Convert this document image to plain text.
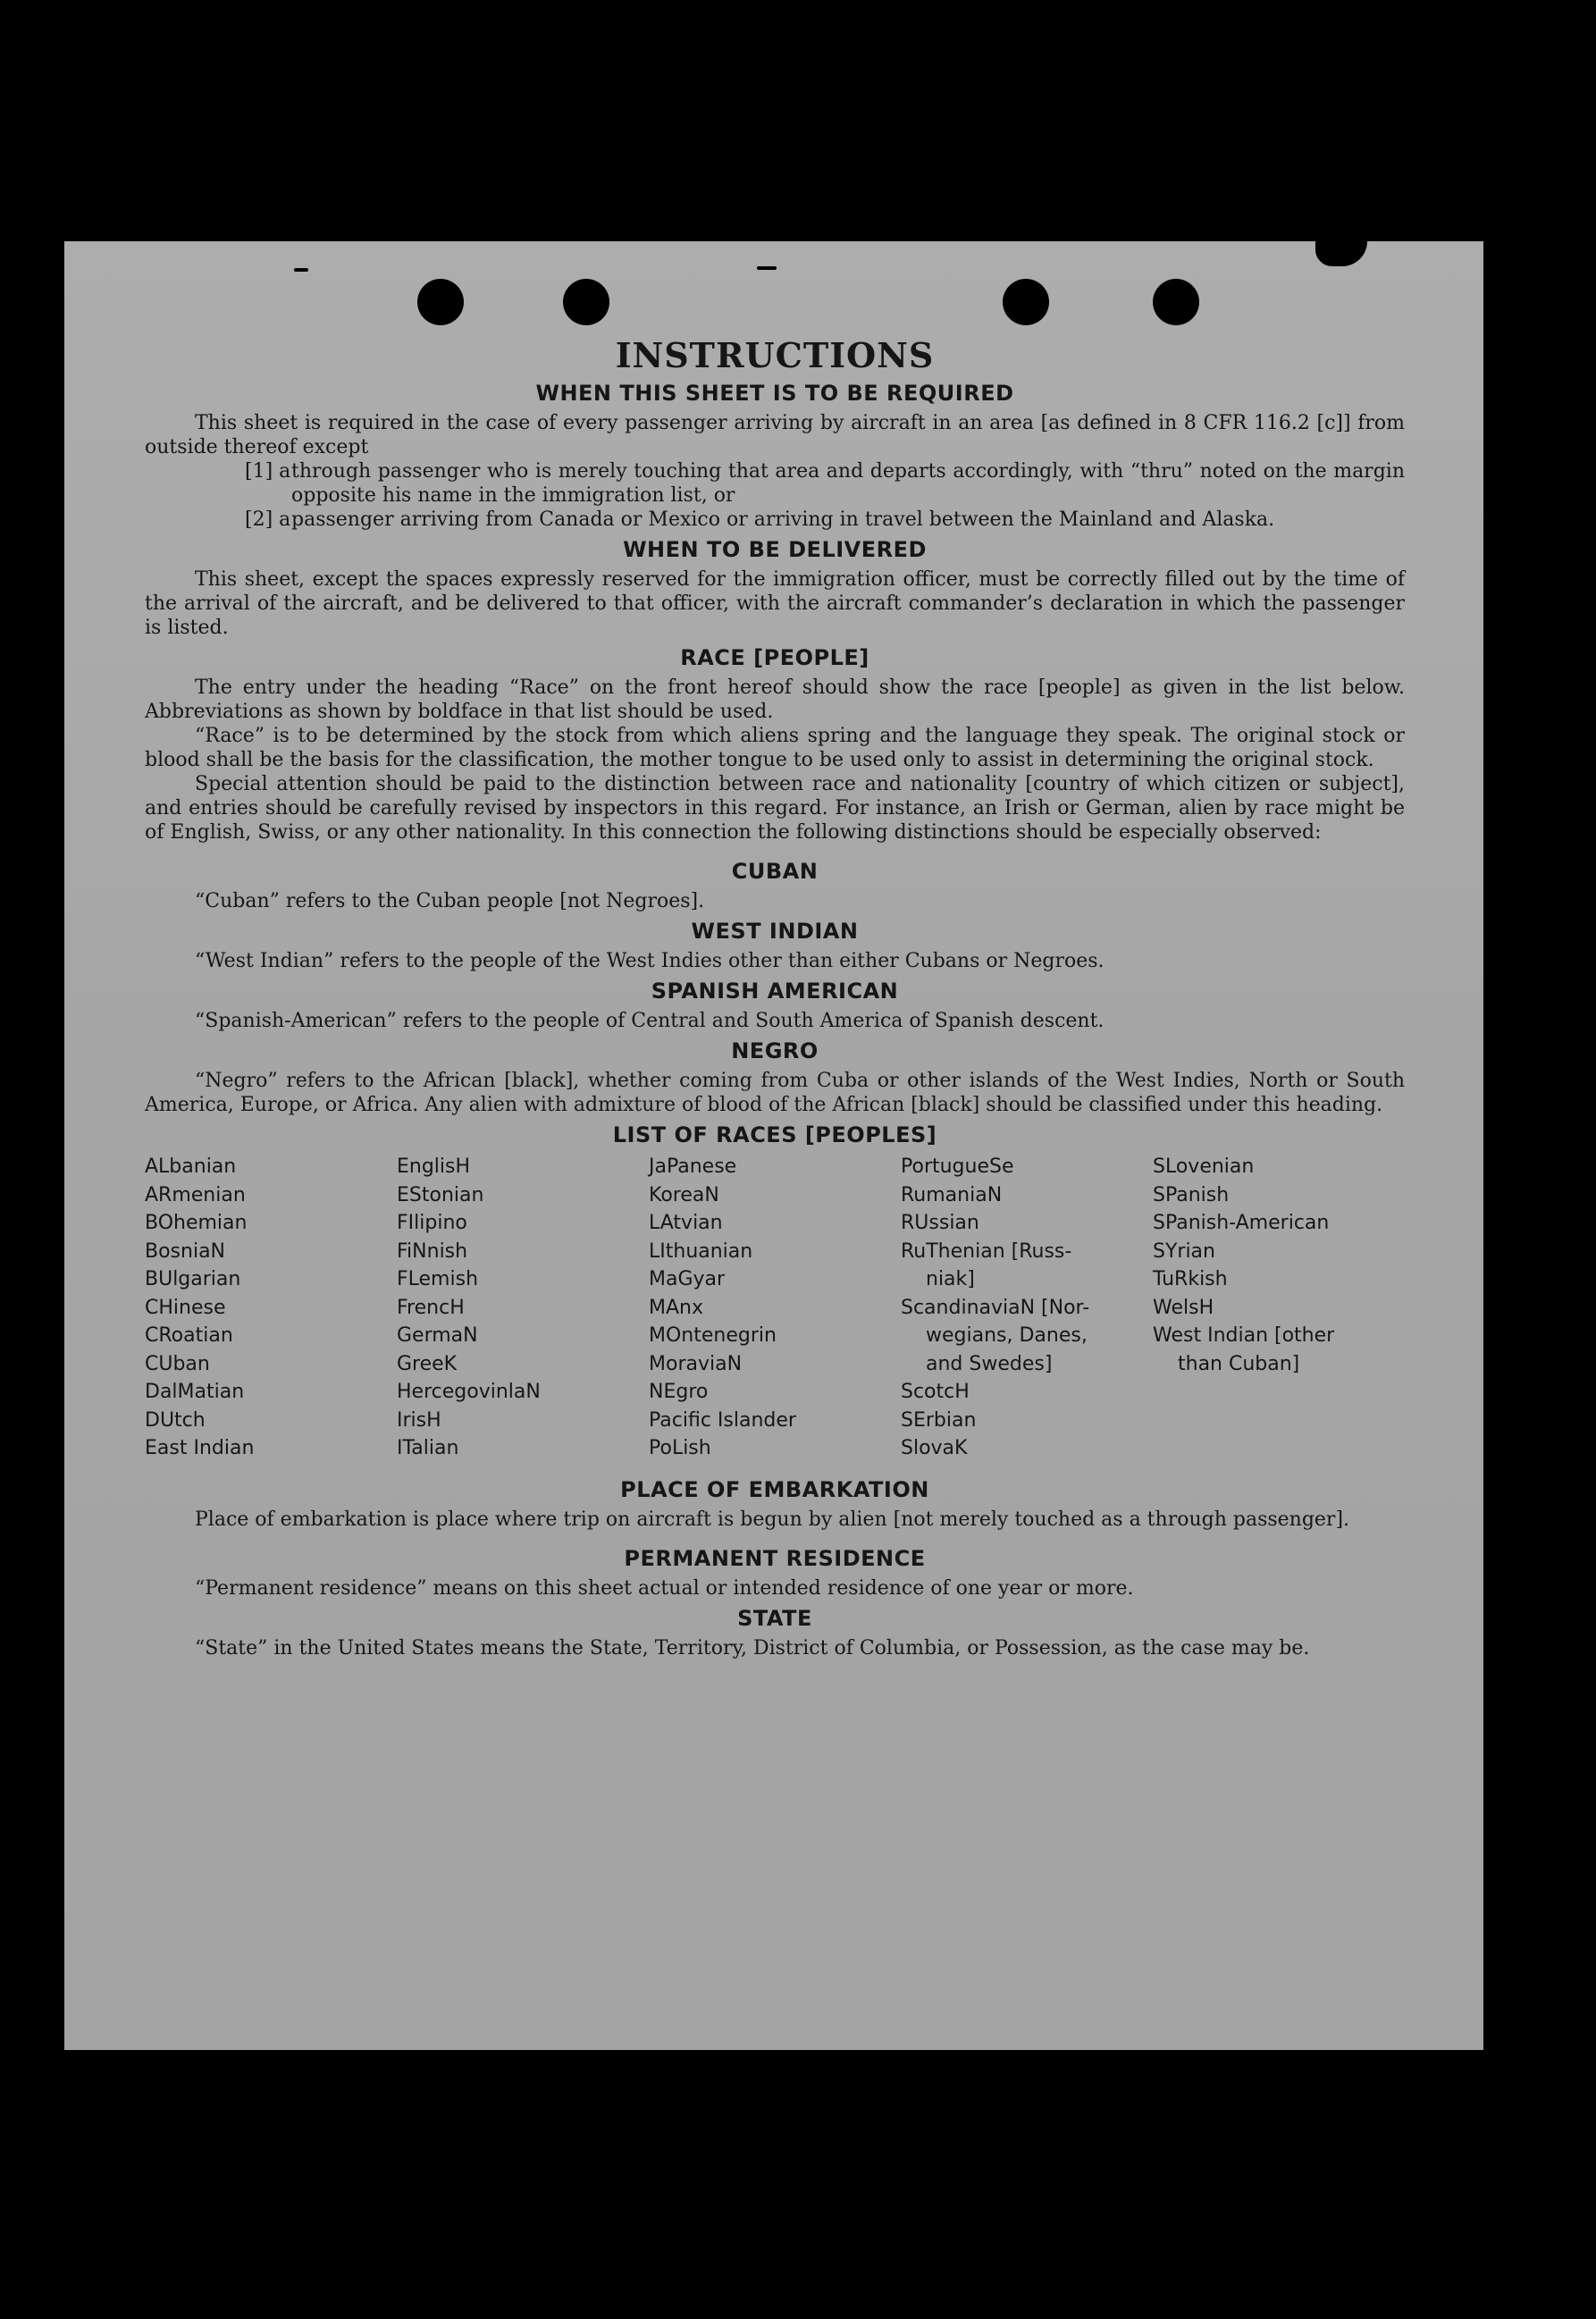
INSTRUCTIONS
WHEN THIS SHEET IS TO BE REQUIRED

This sheet is required in the case of every passenger arriving by aircraft in an area [as defined in 8 CFR 116.2 [c]] from outside thereof except

[1] a through passenger who is merely touching that area and departs accordingly, with “thru” noted on the margin opposite his name in the immigration list, or
[2] a passenger arriving from Canada or Mexico or arriving in travel between the Mainland and Alaska.
WHEN TO BE DELIVERED

This sheet, except the spaces expressly reserved for the immigration officer, must be correctly filled out by the time of the arrival of the aircraft, and be delivered to that officer, with the aircraft commander’s declaration in which the passenger is listed.

RACE [PEOPLE]

The entry under the heading “Race” on the front hereof should show the race [people] as given in the list below. Abbreviations as shown by boldface in that list should be used.

“Race” is to be determined by the stock from which aliens spring and the language they speak. The original stock or blood shall be the basis for the classification, the mother tongue to be used only to assist in determining the original stock.

Special attention should be paid to the distinction between race and nationality [country of which citizen or subject], and entries should be carefully revised by inspectors in this regard. For instance, an Irish or German, alien by race might be of English, Swiss, or any other nationality. In this connection the following distinctions should be especially observed:

CUBAN

“Cuban” refers to the Cuban people [not Negroes].

WEST INDIAN

“West Indian” refers to the people of the West Indies other than either Cubans or Negroes.

SPANISH AMERICAN

“Spanish-American” refers to the people of Central and South America of Spanish descent.

NEGRO

“Negro” refers to the African [black], whether coming from Cuba or other islands of the West Indies, North or South America, Europe, or Africa. Any alien with admixture of blood of the African [black] should be classified under this heading.

LIST OF RACES [PEOPLES]
ALbanian
ARmenian
BOhemian
BosniaN
BUlgarian
CHinese
CRoatian
CUban
DalMatian
DUtch
East Indian
EnglisH
EStonian
FIlipino
FiNnish
FLemish
FrencH
GermaN
GreeK
HercegovinlaN
IrisH
ITalian
JaPanese
KoreaN
LAtvian
LIthuanian
MaGyar
MAnx
MOntenegrin
MoraviaN
NEgro
Pacific Islander
PoLish
PortugueSe
RumaniaN
RUssian
RuThenian [Russ-
niak]
ScandinaviaN [Nor-
wegians, Danes,
and Swedes]
ScotcH
SErbian
SlovaK
SLovenian
SPanish
SPanish-American
SYrian
TuRkish
WelsH
West Indian [other
than Cuban]
PLACE OF EMBARKATION

Place of embarkation is place where trip on aircraft is begun by alien [not merely touched as a through passenger].

PERMANENT RESIDENCE

“Permanent residence” means on this sheet actual or intended residence of one year or more.

STATE

“State” in the United States means the State, Territory, District of Columbia, or Possession, as the case may be.
